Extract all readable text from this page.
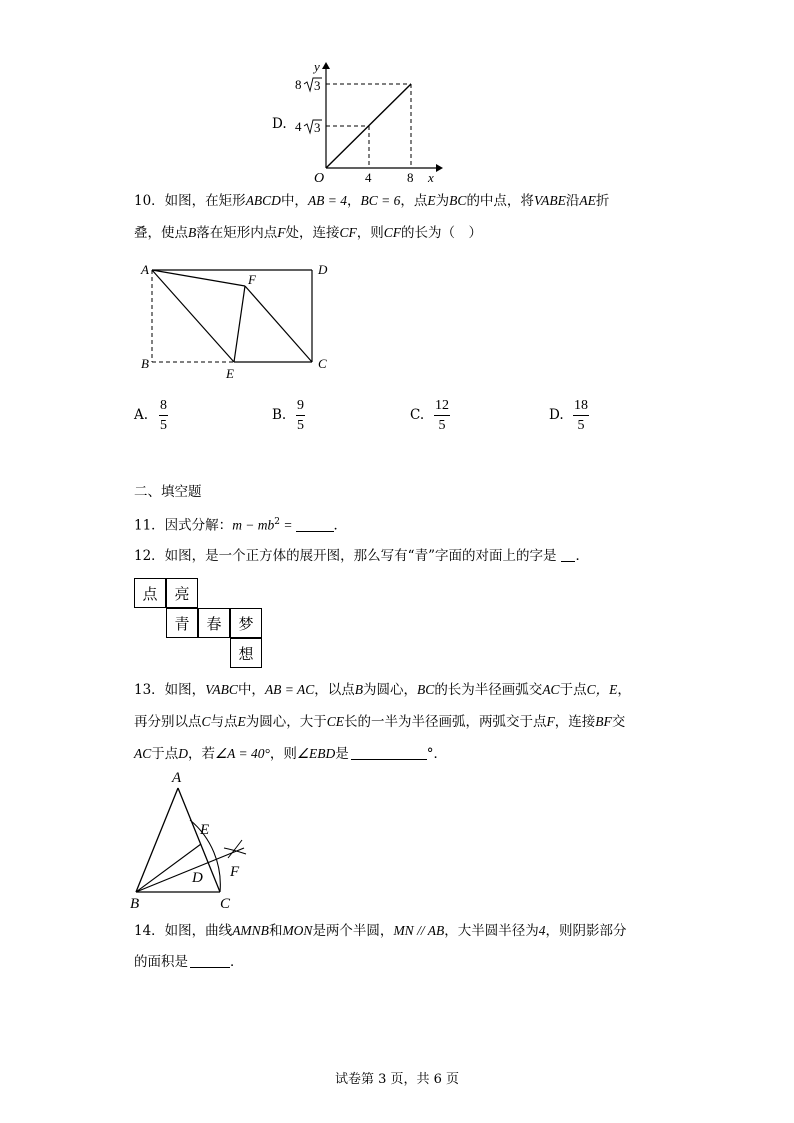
D.
y
x
O	4	8
8 3
4 3
10．如图，在矩形ABCD中，AB = 4，BC = 6，点E为BC的中点，将VABE沿AE折
叠，使点B落在矩形内点F处，连接CF，则CF的长为（　）
A	D
F
B
E
C
A. $\frac{8}{5}$	B. $\frac{9}{5}$	C. $\frac{12}{5}$	D. $\frac{18}{5}$
二、填空题
11．因式分解：$m - mb^2$ =	．
12．如图，是一个正方体的展开图，那么写有“青”字面的对面上的字是 ．
点	亮
青	春	梦
想
13．如图，VABC中，AB = AC，以点B为圆心，BC的长为半径画弧交AC于点C，E，
再分别以点C与点E为圆心，大于CE长的一半为半径画弧，两弧交于点F，连接BF交
AC于点D，若∠A = 40°，则∠EBD是	°．
A
E
F
D
B	C
14．如图，曲线AMNB和MON是两个半圆，MN // AB，大半圆半径为4，则阴影部分
的面积是	．
试卷第 3 页，共 6 页
